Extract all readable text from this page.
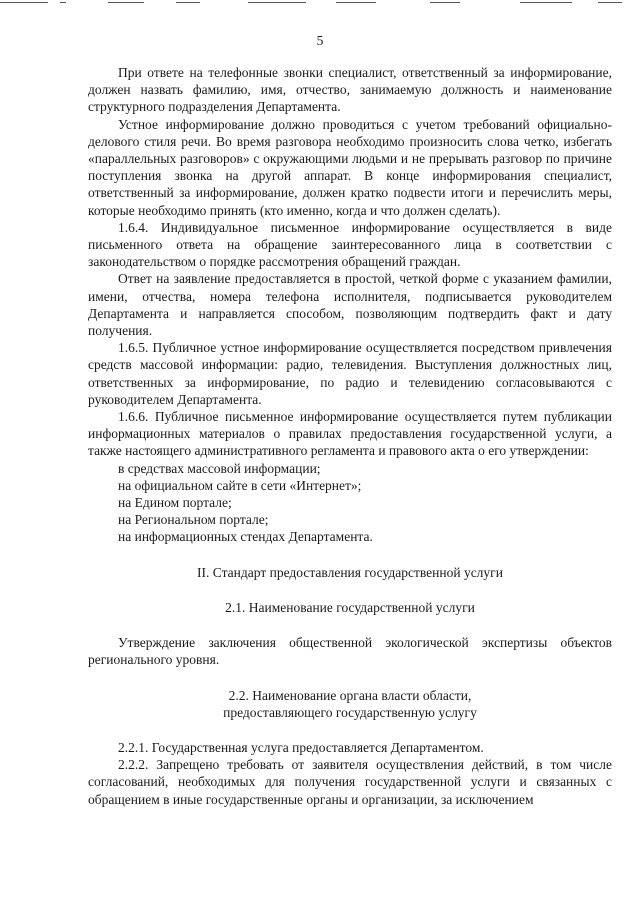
5

При ответе на телефонные звонки специалист, ответственный за информирование, должен назвать фамилию, имя, отчество, занимаемую должность и наименование структурного подразделения Департамента.

Устное информирование должно проводиться с учетом требований официально-делового стиля речи. Во время разговора необходимо произносить слова четко, избегать «параллельных разговоров» с окружающими людьми и не прерывать разговор по причине поступления звонка на другой аппарат. В конце информирования специалист, ответственный за информирование, должен кратко подвести итоги и перечислить меры, которые необходимо принять (кто именно, когда и что должен сделать).

1.6.4. Индивидуальное письменное информирование осуществляется в виде письменного ответа на обращение заинтересованного лица в соответствии с законодательством о порядке рассмотрения обращений граждан.

Ответ на заявление предоставляется в простой, четкой форме с указанием фамилии, имени, отчества, номера телефона исполнителя, подписывается руководителем Департамента и направляется способом, позволяющим подтвердить факт и дату получения.

1.6.5. Публичное устное информирование осуществляется посредством привлечения средств массовой информации: радио, телевидения. Выступления должностных лиц, ответственных за информирование, по радио и телевидению согласовываются с руководителем Департамента.

1.6.6. Публичное письменное информирование осуществляется путем публикации информационных материалов о правилах предоставления государственной услуги, а также настоящего административного регламента и правового акта о его утверждении:

в средствах массовой информации;

на официальном сайте в сети «Интернет»;

на Едином портале;

на Региональном портале;

на информационных стендах Департамента.

II. Стандарт предоставления государственной услуги

2.1. Наименование государственной услуги

Утверждение заключения общественной экологической экспертизы объектов регионального уровня.

2.2. Наименование органа власти области,

предоставляющего государственную услугу

2.2.1. Государственная услуга предоставляется Департаментом.

2.2.2. Запрещено требовать от заявителя осуществления действий, в том числе согласований, необходимых для получения государственной услуги и связанных с обращением в иные государственные органы и организации, за исключением
